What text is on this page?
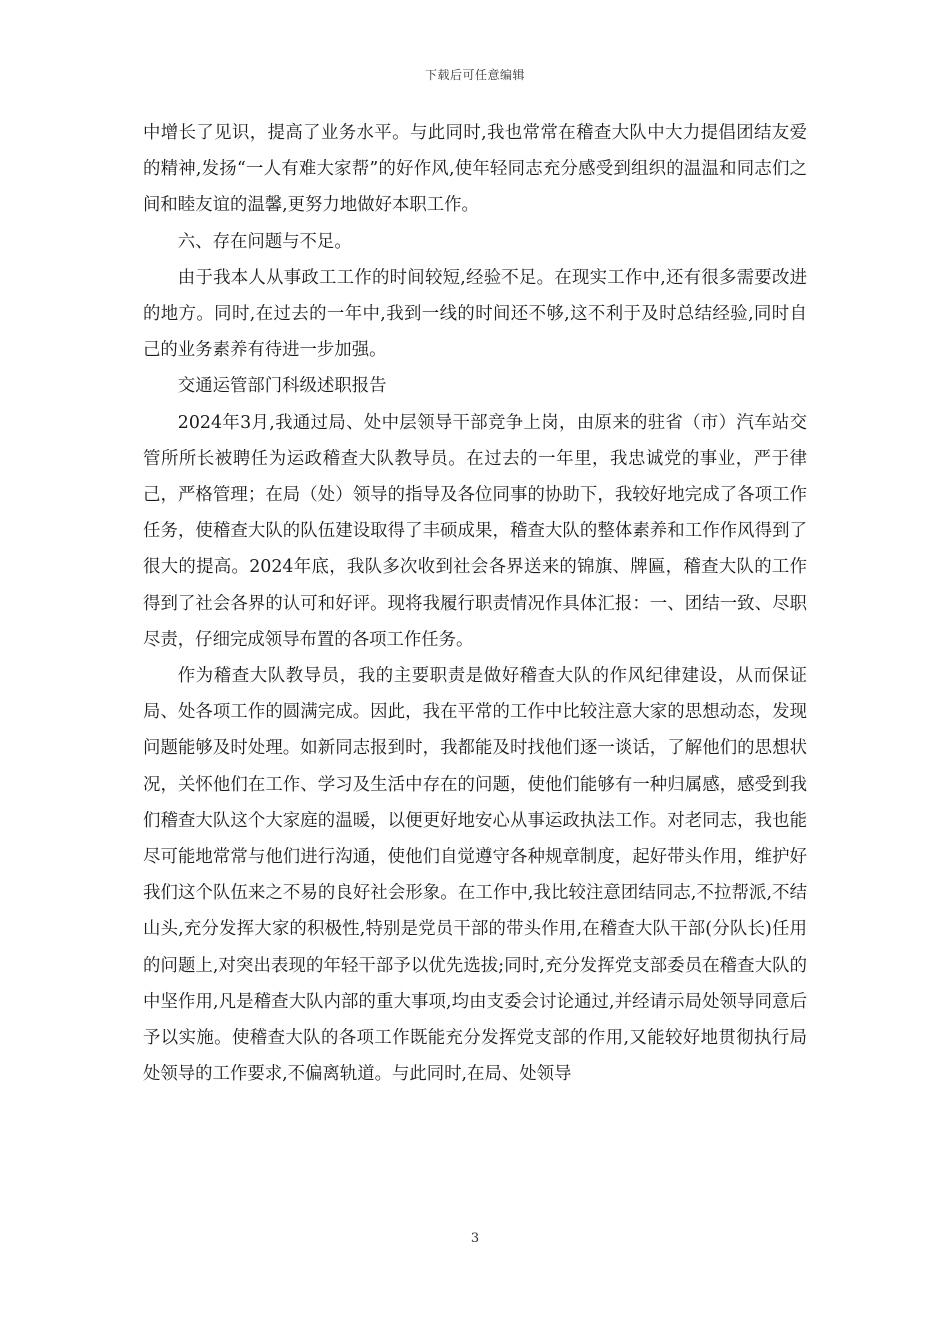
下载后可任意编辑

中增长了见识，提高了业务水平。与此同时,我也常常在稽查大队中大力提倡团结友爱的精神,发扬“一人有难大家帮”的好作风,使年轻同志充分感受到组织的温温和同志们之间和睦友谊的温馨,更努力地做好本职工作。

六、存在问题与不足。

由于我本人从事政工工作的时间较短,经验不足。在现实工作中,还有很多需要改进的地方。同时,在过去的一年中,我到一线的时间还不够,这不利于及时总结经验,同时自己的业务素养有待进一步加强。

交通运管部门科级述职报告

2024年3月,我通过局、处中层领导干部竞争上岗，由原来的驻省（市）汽车站交管所所长被聘任为运政稽查大队教导员。在过去的一年里，我忠诚党的事业，严于律己，严格管理；在局（处）领导的指导及各位同事的协助下，我较好地完成了各项工作任务，使稽查大队的队伍建设取得了丰硕成果，稽查大队的整体素养和工作作风得到了很大的提高。2024年底，我队多次收到社会各界送来的锦旗、牌匾，稽查大队的工作得到了社会各界的认可和好评。现将我履行职责情况作具体汇报：一、团结一致、尽职尽责，仔细完成领导布置的各项工作任务。

作为稽查大队教导员，我的主要职责是做好稽查大队的作风纪律建设，从而保证局、处各项工作的圆满完成。因此，我在平常的工作中比较注意大家的思想动态，发现问题能够及时处理。如新同志报到时，我都能及时找他们逐一谈话，了解他们的思想状况，关怀他们在工作、学习及生活中存在的问题，使他们能够有一种归属感，感受到我们稽查大队这个大家庭的温暖，以便更好地安心从事运政执法工作。对老同志，我也能尽可能地常常与他们进行沟通，使他们自觉遵守各种规章制度，起好带头作用，维护好我们这个队伍来之不易的良好社会形象。在工作中,我比较注意团结同志,不拉帮派,不结山头,充分发挥大家的积极性,特别是党员干部的带头作用,在稽查大队干部(分队长)任用的问题上,对突出表现的年轻干部予以优先选拔;同时,充分发挥党支部委员在稽查大队的中坚作用,凡是稽查大队内部的重大事项,均由支委会讨论通过,并经请示局处领导同意后予以实施。使稽查大队的各项工作既能充分发挥党支部的作用,又能较好地贯彻执行局处领导的工作要求,不偏离轨道。与此同时,在局、处领导

3
